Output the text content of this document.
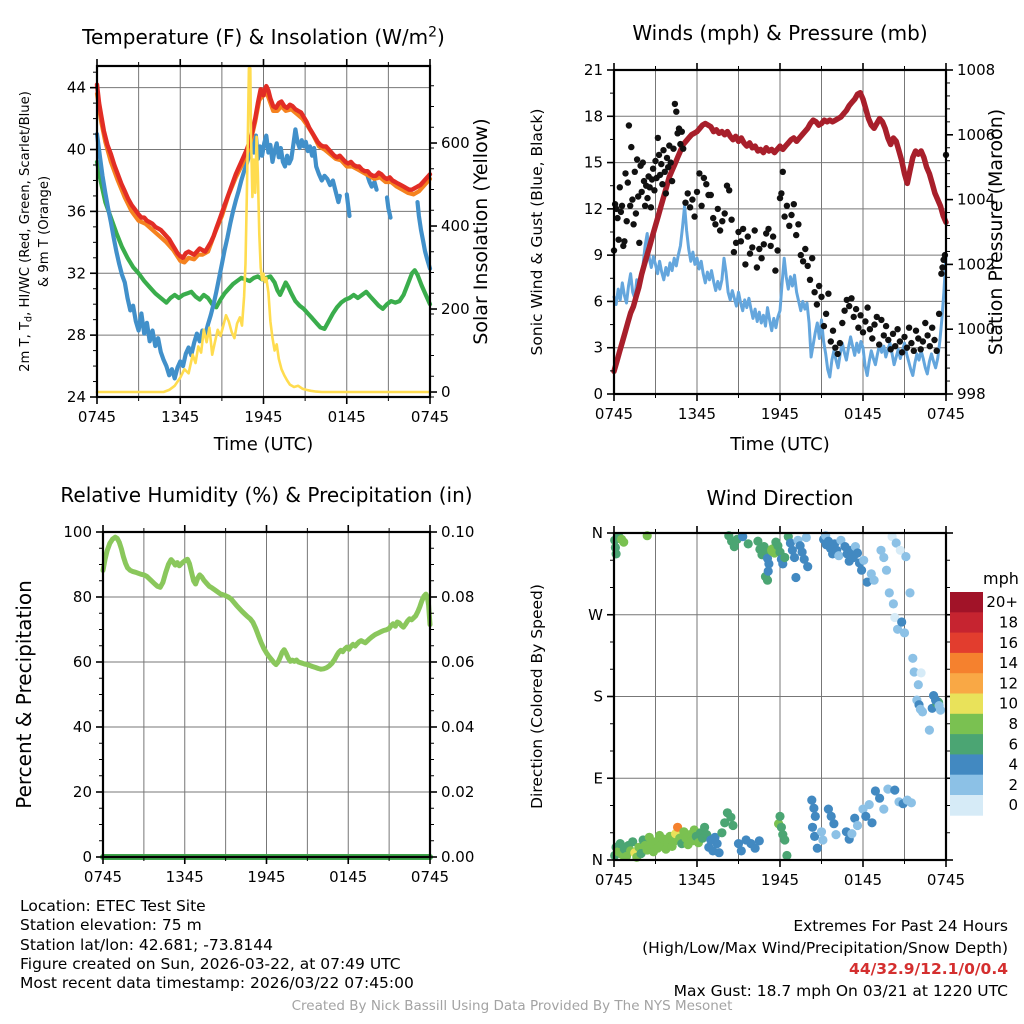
0745	1345	1945	0145	0745
24
28
32
36
40
44
0
200
400
600
Temperature (F) & Insolation $(W/m^2)$
Time (UTC)
2m T, $T_d$, HI/WC (Red, Green, Scarlet/Blue) & 9m T (Orange)	Solar Insolation (Yellow)
0745	1345	1945	0145	0745
0
3
6
9
12
15
18
21
998
1000
1002
1004
1006
1008
Winds (mph) & Pressure (mb)
Time (UTC)
Sonic Wind & Gust (Blue, Black)	Station Pressure (Maroon)
0745	1345	1945	0145	0745
0
20
40
60
80
100
0.00
0.02
0.04
0.06
0.08
0.10
Relative Humidity (%) & Precipitation (in)
Percent & Precipitation
0745	1345	1945	0145	0745
N
W
S
E
N
Wind Direction
Direction (Colored By Speed)
mph
20+
18
16
14
12
10
8
6
4
2
0
Location: ETEC Test Site
Station elevation: 75 m
Station lat/lon: 42.681; -73.8144
Figure created on Sun, 2026-03-22, at 07:49 UTC
Most recent data timestamp: 2026/03/22 07:45:00
Extremes For Past 24 Hours
(High/Low/Max Wind/Precipitation/Snow Depth)
44/32.9/12.1/0/0.4
Max Gust: 18.7 mph On 03/21 at 1220 UTC
Created By Nick Bassill Using Data Provided By The NYS Mesonet
